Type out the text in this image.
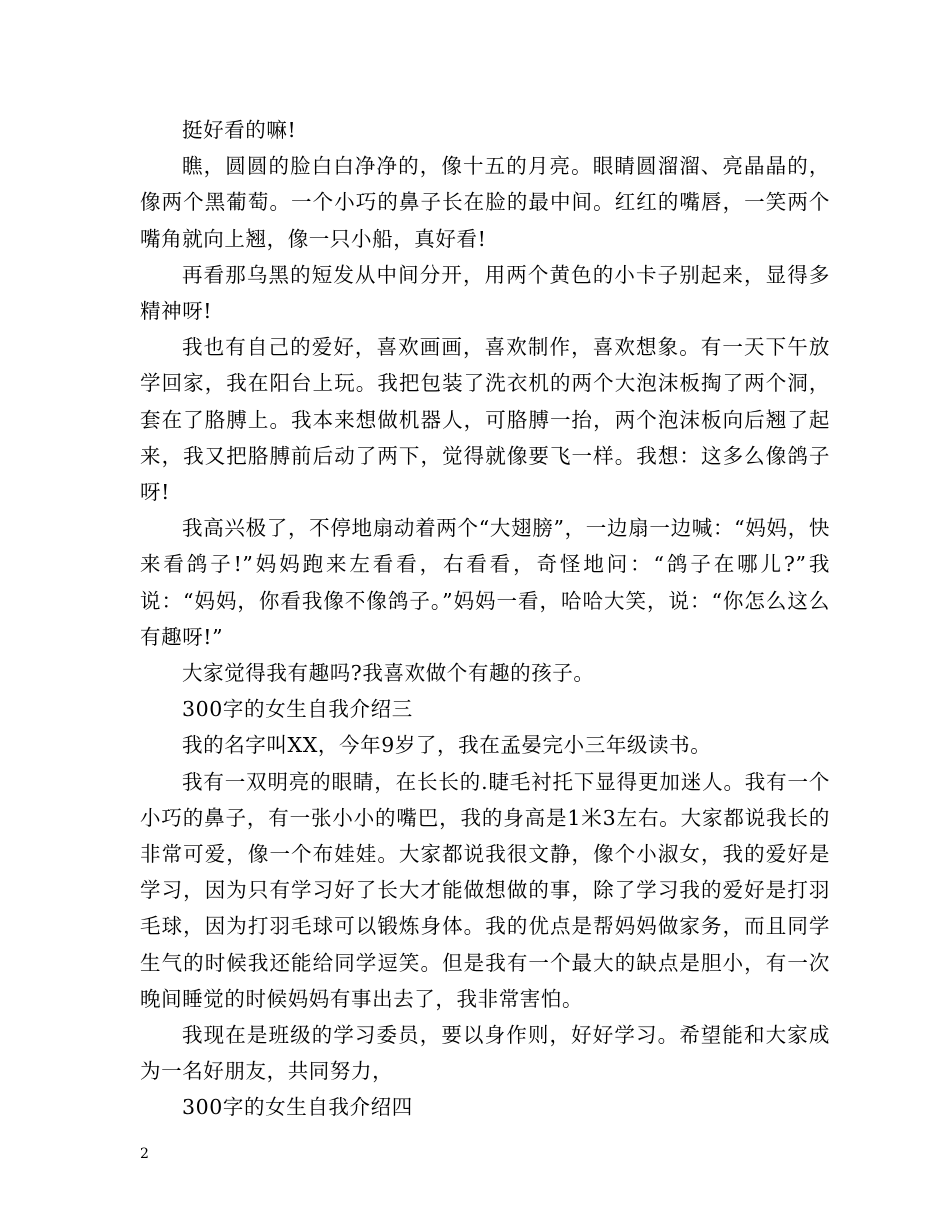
挺好看的嘛!

瞧，圆圆的脸白白净净的，像十五的月亮。眼睛圆溜溜、亮晶晶的，像两个黑葡萄。一个小巧的鼻子长在脸的最中间。红红的嘴唇，一笑两个嘴角就向上翘，像一只小船，真好看!

再看那乌黑的短发从中间分开，用两个黄色的小卡子别起来，显得多精神呀!

我也有自己的爱好，喜欢画画，喜欢制作，喜欢想象。有一天下午放学回家，我在阳台上玩。我把包装了洗衣机的两个大泡沫板掏了两个洞，套在了胳膊上。我本来想做机器人，可胳膊一抬，两个泡沫板向后翘了起来，我又把胳膊前后动了两下，觉得就像要飞一样。我想：这多么像鸽子呀!

我高兴极了，不停地扇动着两个“大翅膀”，一边扇一边喊：“妈妈，快来看鸽子!”妈妈跑来左看看，右看看，奇怪地问：“鸽子在哪儿?”我说：“妈妈，你看我像不像鸽子。”妈妈一看，哈哈大笑，说：“你怎么这么有趣呀!”

大家觉得我有趣吗?我喜欢做个有趣的孩子。

300字的女生自我介绍三

我的名字叫XX，今年9岁了，我在孟晏完小三年级读书。

我有一双明亮的眼睛，在长长的.睫毛衬托下显得更加迷人。我有一个小巧的鼻子，有一张小小的嘴巴，我的身高是1米3左右。大家都说我长的非常可爱，像一个布娃娃。大家都说我很文静，像个小淑女，我的爱好是学习，因为只有学习好了长大才能做想做的事，除了学习我的爱好是打羽毛球，因为打羽毛球可以锻炼身体。我的优点是帮妈妈做家务，而且同学生气的时候我还能给同学逗笑。但是我有一个最大的缺点是胆小，有一次晚间睡觉的时候妈妈有事出去了，我非常害怕。

我现在是班级的学习委员，要以身作则，好好学习。希望能和大家成为一名好朋友，共同努力，

300字的女生自我介绍四

2
